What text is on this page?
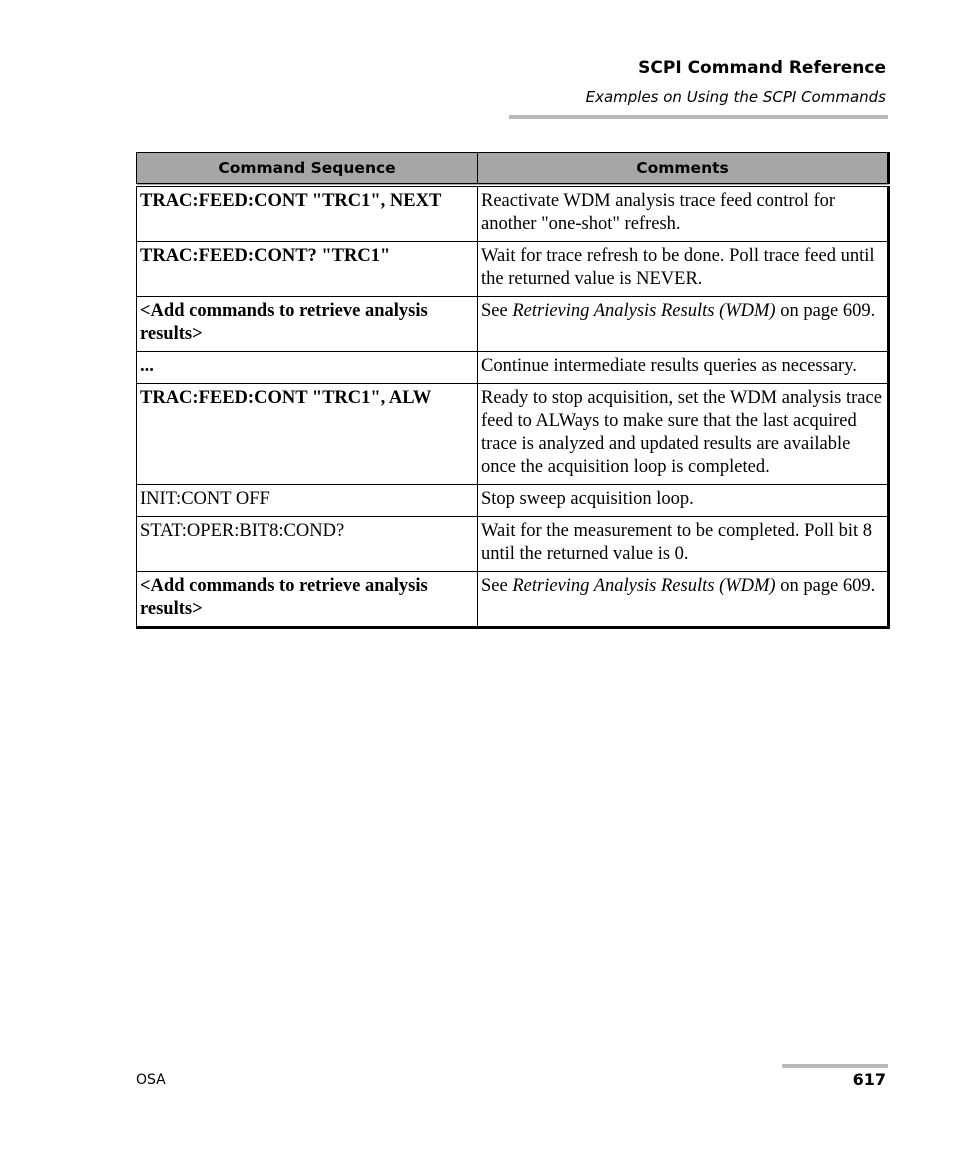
SCPI Command Reference
Examples on Using the SCPI Commands
Command Sequence	Comments
TRAC:FEED:CONT "TRC1", NEXT	Reactivate WDM analysis trace feed control for another "one-shot" refresh.
TRAC:FEED:CONT? "TRC1"	Wait for trace refresh to be done. Poll trace feed until the returned value is NEVER.
<Add commands to retrieve analysis results>	See Retrieving Analysis Results (WDM) on page 609.
...	Continue intermediate results queries as necessary.
TRAC:FEED:CONT "TRC1", ALW	Ready to stop acquisition, set the WDM analysis trace feed to ALWays to make sure that the last acquired trace is analyzed and updated results are available once the acquisition loop is completed.
INIT:CONT OFF	Stop sweep acquisition loop.
STAT:OPER:BIT8:COND?	Wait for the measurement to be completed. Poll bit 8 until the returned value is 0.
<Add commands to retrieve analysis results>	See Retrieving Analysis Results (WDM) on page 609.
OSA	617
